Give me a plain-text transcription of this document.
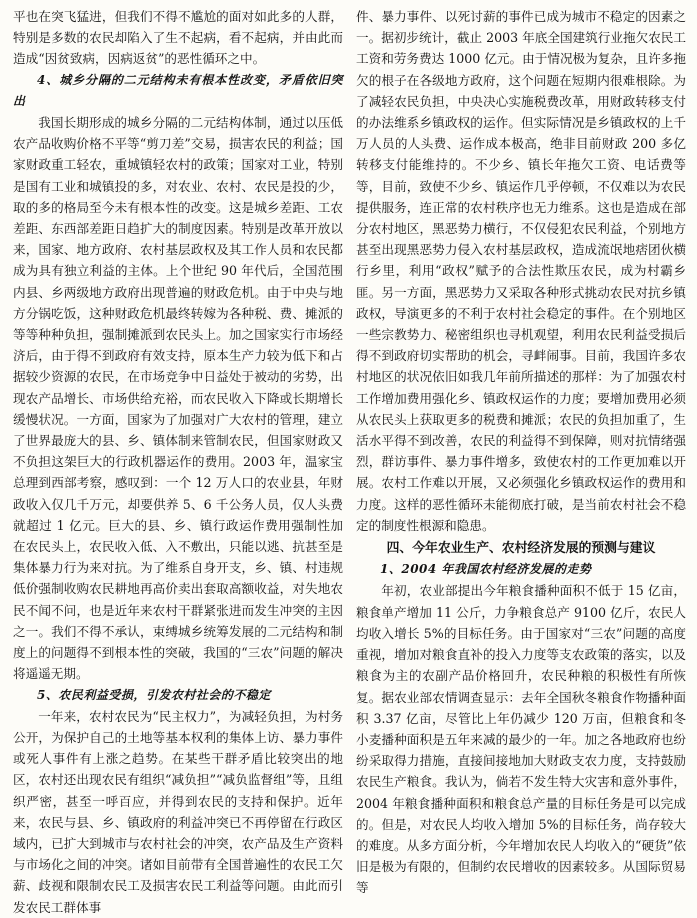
平也在突飞猛进，但我们不得不尴尬的面对如此多的人群，特别是多数的农民却陷入了生不起病，看不起病，并由此而造成“因贫致病，因病返贫”的恶性循环之中。

4、城乡分隔的二元结构未有根本性改变，矛盾依旧突出

我国长期形成的城乡分隔的二元结构体制，通过以压低农产品收购价格不平等“剪刀差”交易，损害农民的利益；国家财政重工轻农，重城镇轻农村的政策；国家对工业，特别是国有工业和城镇投的多，对农业、农村、农民是投的少，取的多的格局至今未有根本性的改变。这是城乡差距、工农差距、东西部差距日趋扩大的制度因素。特别是改革开放以来，国家、地方政府、农村基层政权及其工作人员和农民都成为具有独立利益的主体。上个世纪 90 年代后，全国范围内县、乡两级地方政府出现普遍的财政危机。由于中央与地方分锅吃饭，这种财政危机最终转嫁为各种税、费、摊派的等等种种负担，强制摊派到农民头上。加之国家实行市场经济后，由于得不到政府有效支持，原本生产力较为低下和占据较少资源的农民，在市场竞争中日益处于被动的劣势，出现农产品增长、市场供给充裕，而农民收入下降或长期增长缓慢状况。一方面，国家为了加强对广大农村的管理，建立了世界最庞大的县、乡、镇体制来管制农民，但国家财政又不负担这架巨大的行政机器运作的费用。2003 年，温家宝总理到西部考察，感叹到：一个 12 万人口的农业县，年财政收入仅几千万元，却要供养 5、6 千公务人员，仅人头费就超过 1 亿元。巨大的县、乡、镇行政运作费用强制性加在农民头上，农民收入低、入不敷出，只能以逃、抗甚至是集体暴力行为来对抗。为了维系自身开支，乡、镇、村违规低价强制收购农民耕地再高价卖出套取高额收益，对失地农民不闻不问，也是近年来农村干群紧张进而发生冲突的主因之一。我们不得不承认，束缚城乡统筹发展的二元结构和制度上的问题得不到根本性的突破，我国的“三农”问题的解决将遥遥无期。

5、农民利益受损，引发农村社会的不稳定

一年来，农村农民为“民主权力”，为减轻负担，为村务公开，为保护自己的土地等基本权利的集体上访、暴力事件或死人事件有上涨之趋势。在某些干群矛盾比较突出的地区，农村还出现农民有组织“减负担”“减负监督组”等，且组织严密，甚至一呼百应，并得到农民的支持和保护。近年来，农民与县、乡、镇政府的利益冲突已不再停留在行政区域内，已扩大到城市与农村社会的冲突，农产品及生产资料与市场化之间的冲突。诸如目前带有全国普遍性的农民工欠薪、歧视和限制农民工及损害农民工利益等问题。由此而引发农民工群体事

件、暴力事件、以死讨薪的事件已成为城市不稳定的因素之一。据初步统计，截止 2003 年底全国建筑行业拖欠农民工工资和劳务费达 1000 亿元。由于情况极为复杂，且许多拖欠的根子在各级地方政府，这个问题在短期内很难根除。为了减轻农民负担，中央决心实施税费改革，用财政转移支付的办法维系乡镇政权的运作。但实际情况是乡镇政权的上千万人员的人头费、运作成本极高，绝非目前财政 200 多亿转移支付能维持的。不少乡、镇长年拖欠工资、电话费等等，目前，致使不少乡、镇运作几乎停顿，不仅难以为农民提供服务，连正常的农村秩序也无力维系。这也是造成在部分农村地区，黑恶势力横行，不仅侵犯农民利益，个别地方甚至出现黑恶势力侵入农村基层政权，造成流氓地痞团伙横行乡里，利用“政权”赋予的合法性欺压农民，成为村霸乡匪。另一方面，黑恶势力又采取各种形式挑动农民对抗乡镇政权，导演更多的不利于农村社会稳定的事件。在个别地区一些宗教势力、秘密组织也寻机观望，利用农民利益受损后得不到政府切实帮助的机会，寻衅闹事。目前，我国许多农村地区的状况依旧如我几年前所描述的那样：为了加强农村工作增加费用强化乡、镇政权运作的力度；要增加费用必须从农民头上获取更多的税费和摊派；农民的负担加重了，生活水平得不到改善，农民的利益得不到保障，则对抗情绪强烈，群访事件、暴力事件增多，致使农村的工作更加难以开展。农村工作难以开展，又必须强化乡镇政权运作的费用和力度。这样的恶性循环未能彻底打破，是当前农村社会不稳定的制度性根源和隐患。

四、今年农业生产、农村经济发展的预测与建议
1、2004 年我国农村经济发展的走势

年初，农业部提出今年粮食播种面积不低于 15 亿亩，粮食单产增加 11 公斤，力争粮食总产 9100 亿斤，农民人均收入增长 5%的目标任务。由于国家对“三农”问题的高度重视，增加对粮食直补的投入力度等支农政策的落实，以及粮食为主的农副产品价格回升，农民种粮的积极性有所恢复。据农业部农情调查显示：去年全国秋冬粮食作物播种面积 3.37 亿亩，尽管比上年仍减少 120 万亩，但粮食和冬小麦播种面积是五年来减的最少的一年。加之各地政府也纷纷采取得力措施，直接间接地加大财政支农力度，支持鼓励农民生产粮食。我认为，倘若不发生特大灾害和意外事件，2004 年粮食播种面积和粮食总产量的目标任务是可以完成的。但是，对农民人均收入增加 5%的目标任务，尚存较大的难度。从多方面分析，今年增加农民人均收入的“硬货”依旧是极为有限的，但制约农民增收的因素较多。从国际贸易等
